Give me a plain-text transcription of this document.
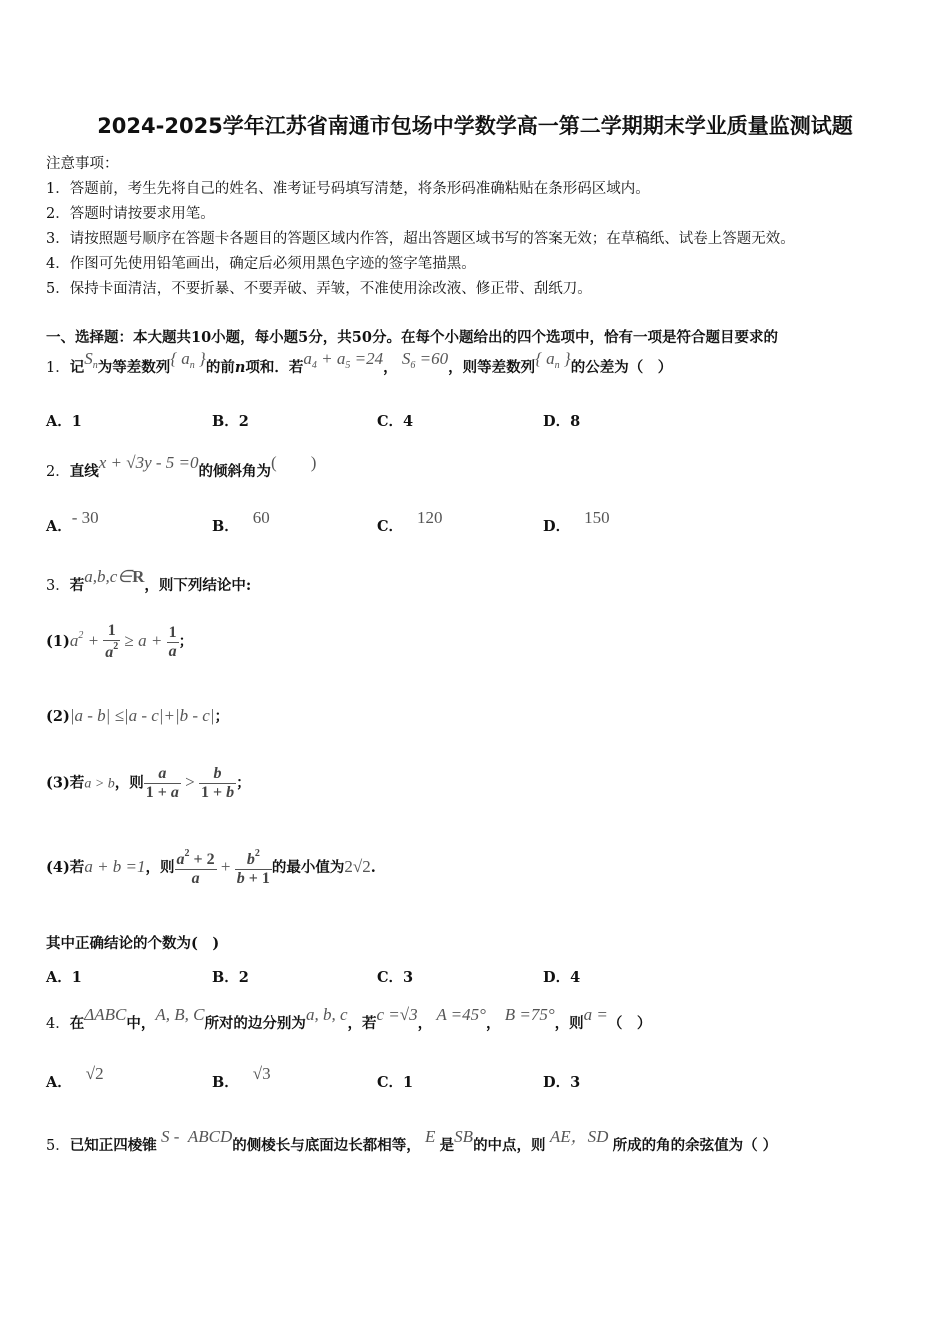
2024-2025学年江苏省南通市包场中学数学高一第二学期期末学业质量监测试题
注意事项：
1．答题前，考生先将自己的姓名、准考证号码填写清楚，将条形码准确粘贴在条形码区域内。
2．答题时请按要求用笔。
3．请按照题号顺序在答题卡各题目的答题区域内作答，超出答题区域书写的答案无效；在草稿纸、试卷上答题无效。
4．作图可先使用铅笔画出，确定后必须用黑色字迹的签字笔描黑。
5．保持卡面清洁，不要折暴、不要弄破、弄皱，不准使用涂改液、修正带、刮纸刀。
一、选择题：本大题共10小题，每小题5分，共50分。在每个小题给出的四个选项中，恰有一项是符合题目要求的
1．记$S_n$为等差数列{ $a_n$ }的前n项和．若$a_4 + a_5 =24$， $S_6 =60$，则等差数列{ $a_n$ }的公差为（　）
A．1	B．2	C．4	D．8
2．直线x + √3y - 5 =0的倾斜角为(　　)
A．- 30	B． 60	C． 120	D． 150
3．若a,b,c∈R，则下列结论中:
$(1)a^2 + \frac{1}{a^2} \ge a + \frac{1}{a}$ ；
(2)|a - b| ≤|a - c|+|b - c|；
(3)若a > b，则 $\frac{a}{1 + a} > \frac{b}{1 + b}$ ；
(4)若a + b =1，则 $\frac{a^2 + 2}{a} + \frac{b^2}{b + 1}$ 的最小值为2√2.
其中正确结论的个数为(　)
A．1	B．2	C．3	D．4
4．在ΔABC中，A, B, C所对的边分别为a, b, c，若c =√3， A =45°， B =75°，则a =（　）
A． √2	B． √3	C．1	D．3
5．已知正四棱锥 S -  ABCD的侧棱长与底面边长都相等， E 是SB的中点，则 AE，SD 所成的角的余弦值为（ ）
